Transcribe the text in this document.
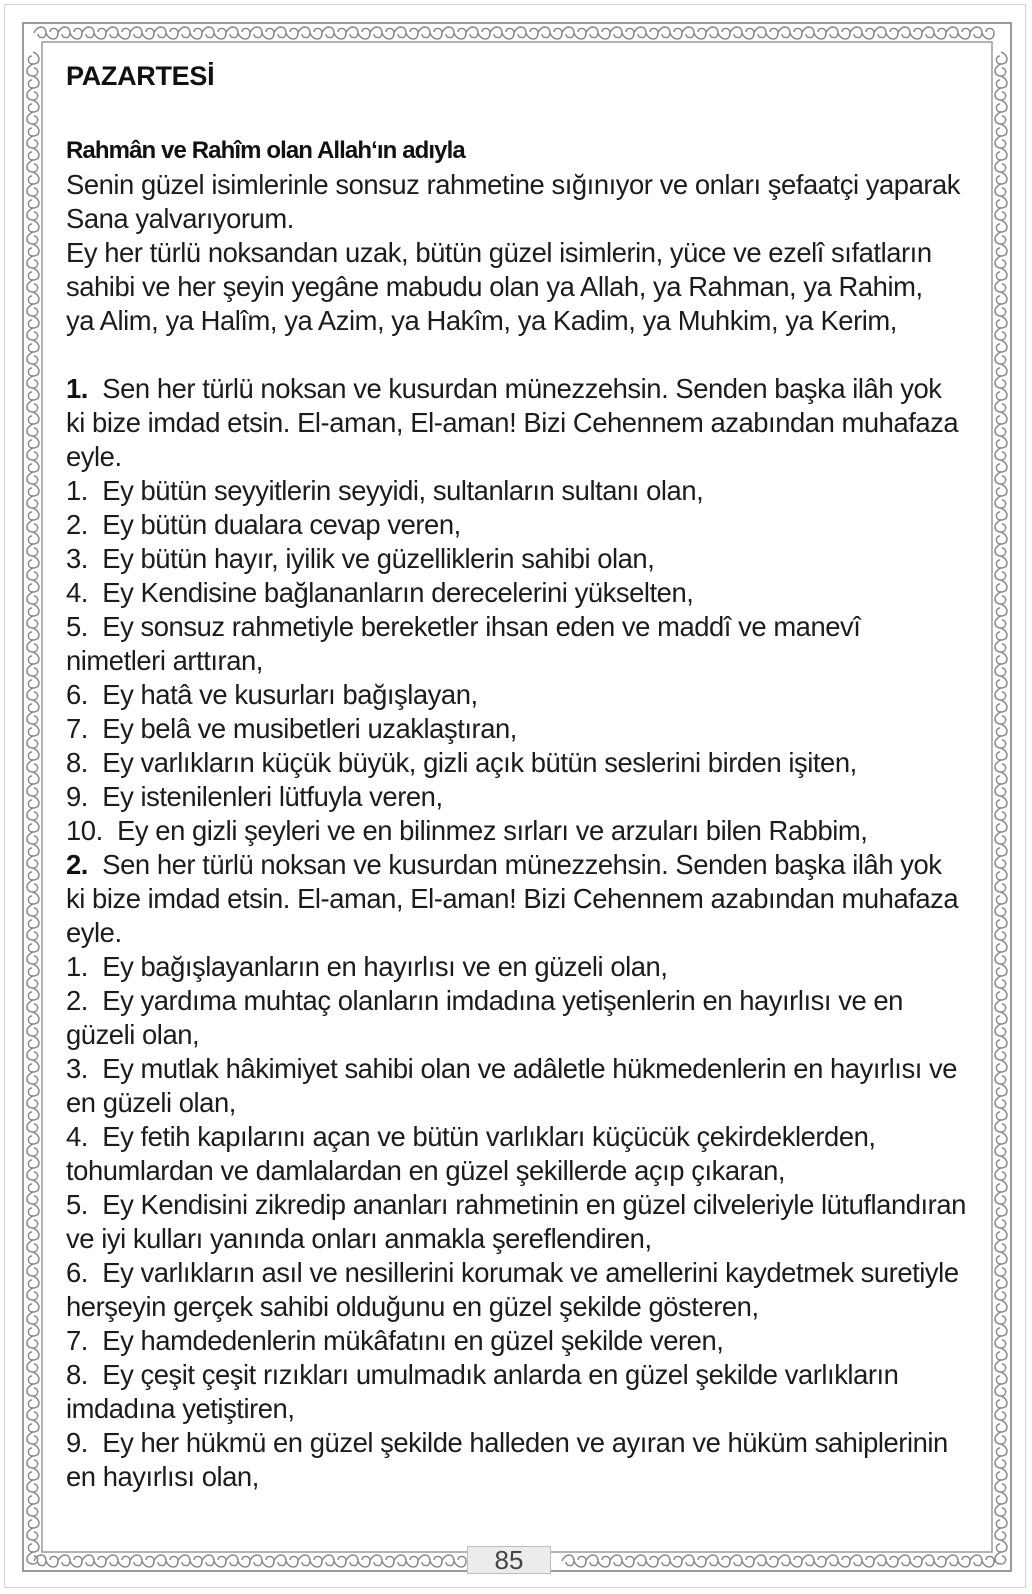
PAZARTESİ
Rahmân ve Rahîm olan Allah‘ın adıyla
Senin güzel isimlerinle sonsuz rahmetine sığınıyor ve onları şefaatçi yaparak Sana yalvarıyorum.
Ey her türlü noksandan uzak, bütün güzel isimlerin, yüce ve ezelî sıfatların sahibi ve her şeyin yegâne mabudu olan ya Allah, ya Rahman, ya Rahim,
ya Alim, ya Halîm, ya Azim, ya Hakîm, ya Kadim, ya Muhkim, ya Kerim,
1. Sen her türlü noksan ve kusurdan münezzehsin. Senden başka ilâh yok ki bize imdad etsin. El-aman, El-aman! Bizi Cehennem azabından muhafaza eyle.
1. Ey bütün seyyitlerin seyyidi, sultanların sultanı olan,
2. Ey bütün dualara cevap veren,
3. Ey bütün hayır, iyilik ve güzelliklerin sahibi olan,
4. Ey Kendisine bağlananların derecelerini yükselten,
5. Ey sonsuz rahmetiyle bereketler ihsan eden ve maddî ve manevî nimetleri arttıran,
6. Ey hatâ ve kusurları bağışlayan,
7. Ey belâ ve musibetleri uzaklaştıran,
8. Ey varlıkların küçük büyük, gizli açık bütün seslerini birden işiten,
9. Ey istenilenleri lütfuyla veren,
10. Ey en gizli şeyleri ve en bilinmez sırları ve arzuları bilen Rabbim,
2. Sen her türlü noksan ve kusurdan münezzehsin. Senden başka ilâh yok ki bize imdad etsin. El-aman, El-aman! Bizi Cehennem azabından muhafaza eyle.
1. Ey bağışlayanların en hayırlısı ve en güzeli olan,
2. Ey yardıma muhtaç olanların imdadına yetişenlerin en hayırlısı ve en güzeli olan,
3. Ey mutlak hâkimiyet sahibi olan ve adâletle hükmedenlerin en hayırlısı ve en güzeli olan,
4. Ey fetih kapılarını açan ve bütün varlıkları küçücük çekirdeklerden, tohumlardan ve damlalardan en güzel şekillerde açıp çıkaran,
5. Ey Kendisini zikredip ananları rahmetinin en güzel cilveleriyle lütuflandıran ve iyi kulları yanında onları anmakla şereflendiren,
6. Ey varlıkların asıl ve nesillerini korumak ve amellerini kaydetmek suretiyle herşeyin gerçek sahibi olduğunu en güzel şekilde gösteren,
7. Ey hamdedenlerin mükâfatını en güzel şekilde veren,
8. Ey çeşit çeşit rızıkları umulmadık anlarda en güzel şekilde varlıkların imdadına yetiştiren,
9. Ey her hükmü en güzel şekilde halleden ve ayıran ve hüküm sahiplerinin en hayırlısı olan,
85
